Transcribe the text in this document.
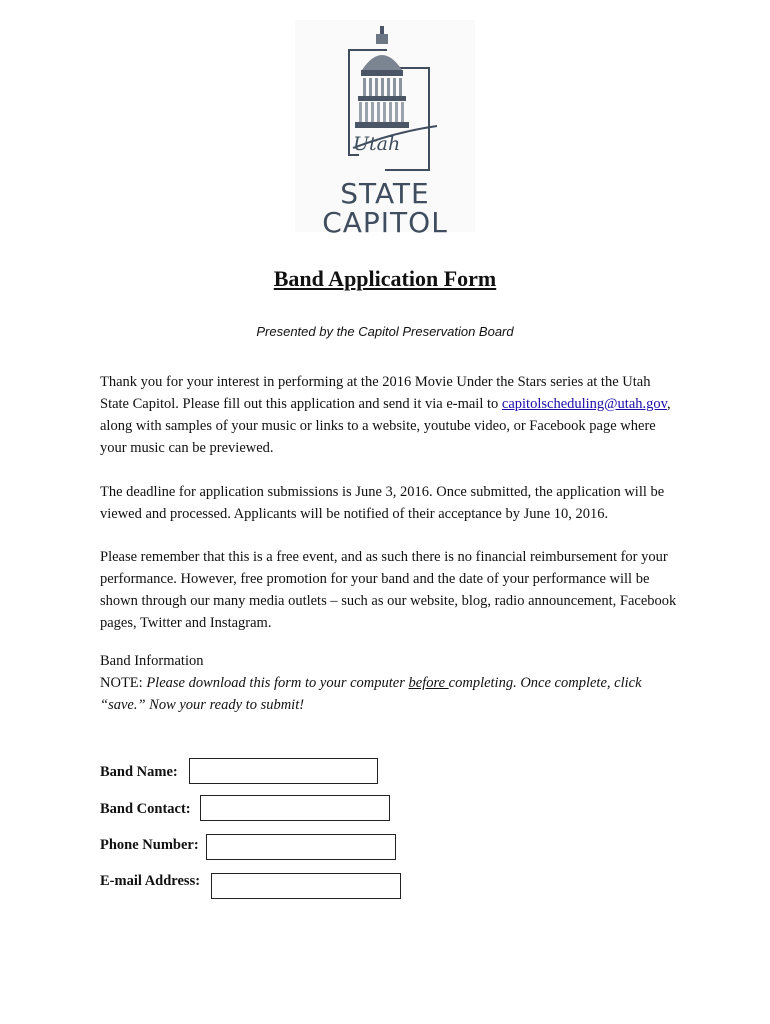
Utah
STATE
CAPITOL
Band Application Form
Presented by the Capitol Preservation Board

Thank you for your interest in performing at the 2016 Movie Under the Stars series at the Utah State Capitol. Please fill out this application and send it via e-mail to capitolscheduling@utah.gov, along with samples of your music or links to a website, youtube video, or Facebook page where your music can be previewed.

The deadline for application submissions is June 3, 2016. Once submitted, the application will be viewed and processed. Applicants will be notified of their acceptance by June 10, 2016.

Please remember that this is a free event, and as such there is no financial reimbursement for your performance. However, free promotion for your band and the date of your performance will be shown through our many media outlets – such as our website, blog, radio announcement, Facebook pages, Twitter and Instagram.

Band Information
NOTE: Please download this form to your computer before completing. Once complete, click “save.” Now your ready to submit!

Band Name:
Band Contact:
Phone Number:
E-mail Address:
